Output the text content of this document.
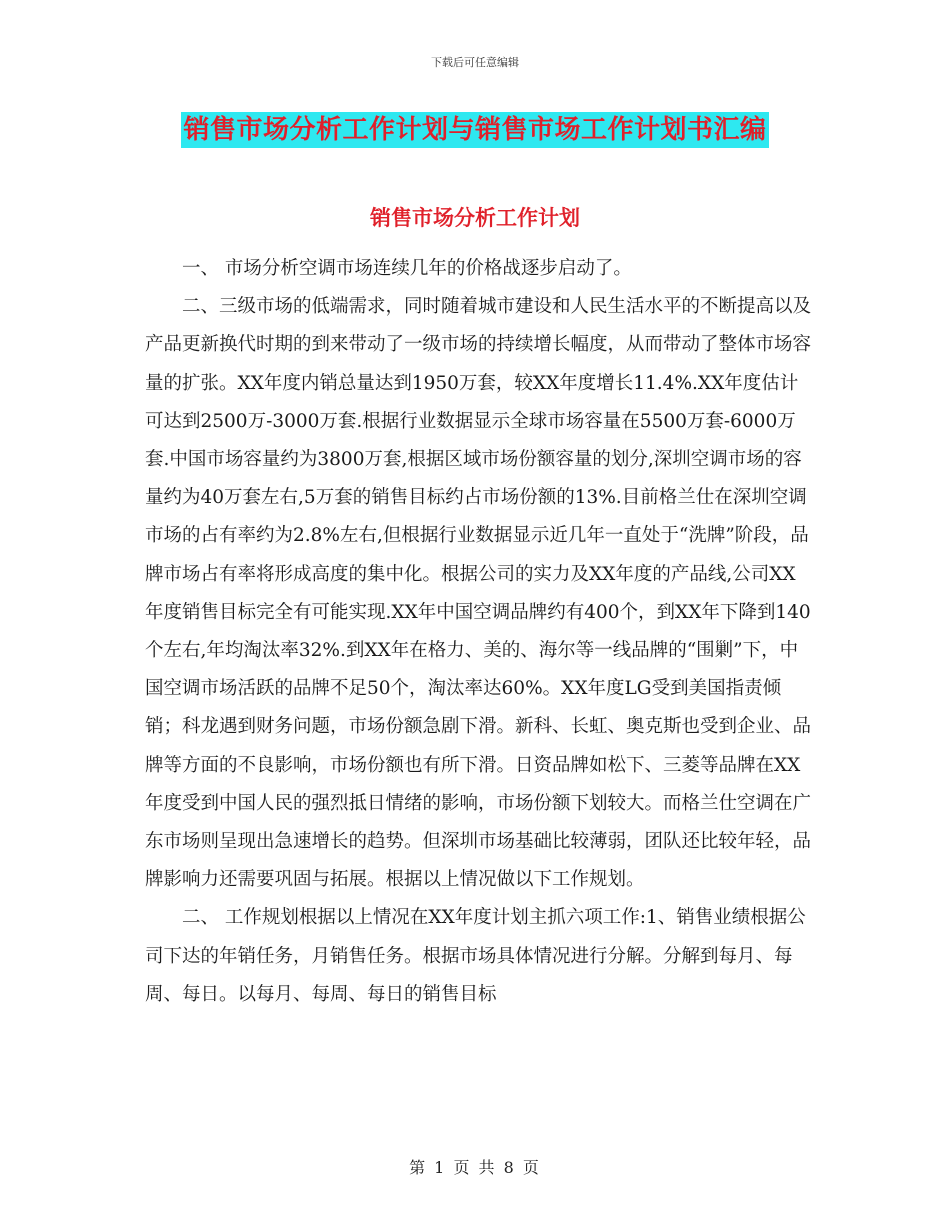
下载后可任意编辑
销售市场分析工作计划与销售市场工作计划书汇编
销售市场分析工作计划

一、 市场分析空调市场连续几年的价格战逐步启动了。

二、三级市场的低端需求，同时随着城市建设和人民生活水平的不断提高以及产品更新换代时期的到来带动了一级市场的持续增长幅度，从而带动了整体市场容量的扩张。XX年度内销总量达到1950万套，较XX年度增长11.4%.XX年度估计可达到2500万-3000万套.根据行业数据显示全球市场容量在5500万套-6000万套.中国市场容量约为3800万套,根据区域市场份额容量的划分,深圳空调市场的容量约为40万套左右,5万套的销售目标约占市场份额的13%.目前格兰仕在深圳空调市场的占有率约为2.8%左右,但根据行业数据显示近几年一直处于“洗牌”阶段，品牌市场占有率将形成高度的集中化。根据公司的实力及XX年度的产品线,公司XX年度销售目标完全有可能实现.XX年中国空调品牌约有400个，到XX年下降到140个左右,年均淘汰率32%.到XX年在格力、美的、海尔等一线品牌的“围剿”下，中国空调市场活跃的品牌不足50个，淘汰率达60%。XX年度LG受到美国指责倾销；科龙遇到财务问题，市场份额急剧下滑。新科、长虹、奥克斯也受到企业、品牌等方面的不良影响，市场份额也有所下滑。日资品牌如松下、三菱等品牌在XX年度受到中国人民的强烈抵日情绪的影响，市场份额下划较大。而格兰仕空调在广东市场则呈现出急速增长的趋势。但深圳市场基础比较薄弱，团队还比较年轻，品牌影响力还需要巩固与拓展。根据以上情况做以下工作规划。

二、 工作规划根据以上情况在XX年度计划主抓六项工作:1、销售业绩根据公司下达的年销任务，月销售任务。根据市场具体情况进行分解。分解到每月、每周、每日。以每月、每周、每日的销售目标

第 1 页 共 8 页
